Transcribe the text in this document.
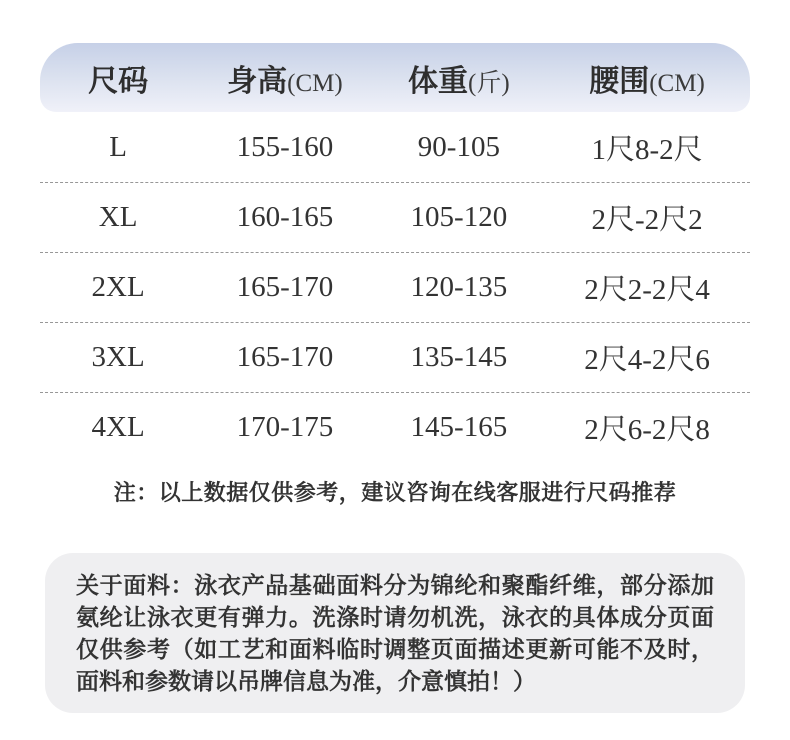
尺码	身高(CM)	体重(斤)	腰围(CM)
L	155-160	90-105	1尺8-2尺
XL	160-165	105-120	2尺-2尺2
2XL	165-170	120-135	2尺2-2尺4
3XL	165-170	135-145	2尺4-2尺6
4XL	170-175	145-165	2尺6-2尺8

注：以上数据仅供参考，建议咨询在线客服进行尺码推荐

关于面料：泳衣产品基础面料分为锦纶和聚酯纤维，部分添加氨纶让泳衣更有弹力。洗涤时请勿机洗，泳衣的具体成分页面仅供参考（如工艺和面料临时调整页面描述更新可能不及时，面料和参数请以吊牌信息为准，介意慎拍！）
